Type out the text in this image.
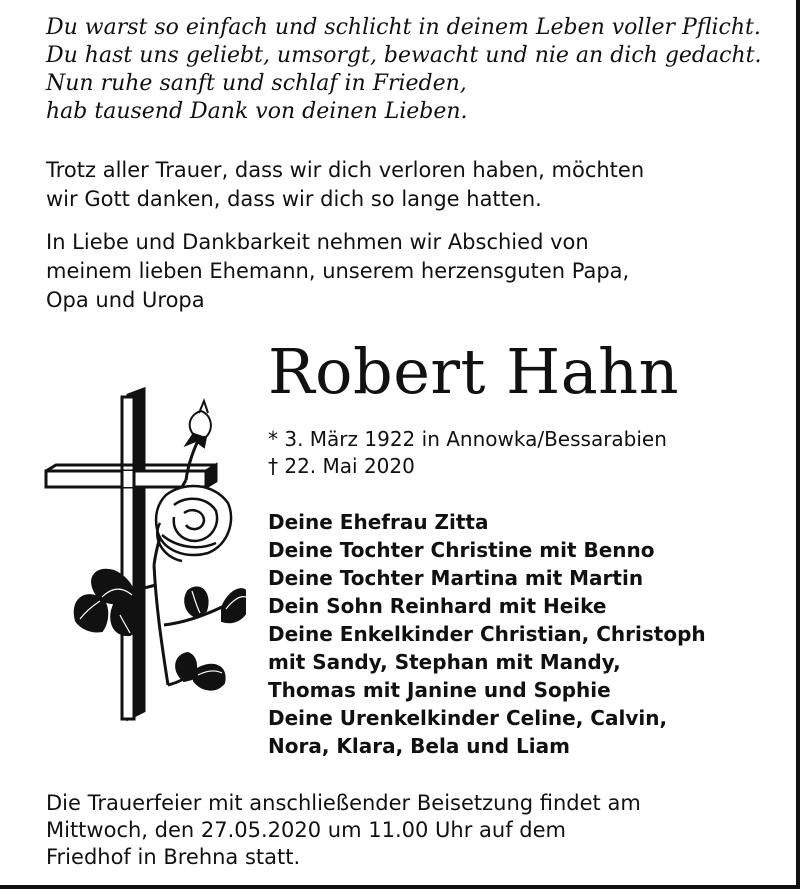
Du warst so einfach und schlicht in deinem Leben voller Pflicht.
Du hast uns geliebt, umsorgt, bewacht und nie an dich gedacht.
Nun ruhe sanft und schlaf in Frieden,
hab tausend Dank von deinen Lieben.
Trotz aller Trauer, dass wir dich verloren haben, möchten
wir Gott danken, dass wir dich so lange hatten.
In Liebe und Dankbarkeit nehmen wir Abschied von
meinem lieben Ehemann, unserem herzensguten Papa,
Opa und Uropa
Robert Hahn
* 3. März 1922 in Annowka/Bessarabien
† 22. Mai 2020
Deine Ehefrau Zitta
Deine Tochter Christine mit Benno
Deine Tochter Martina mit Martin
Dein Sohn Reinhard mit Heike
Deine Enkelkinder Christian, Christoph
mit Sandy, Stephan mit Mandy,
Thomas mit Janine und Sophie
Deine Urenkelkinder Celine, Calvin,
Nora, Klara, Bela und Liam
Die Trauerfeier mit anschließender Beisetzung findet am
Mittwoch, den 27.05.2020 um 11.00 Uhr auf dem
Friedhof in Brehna statt.
